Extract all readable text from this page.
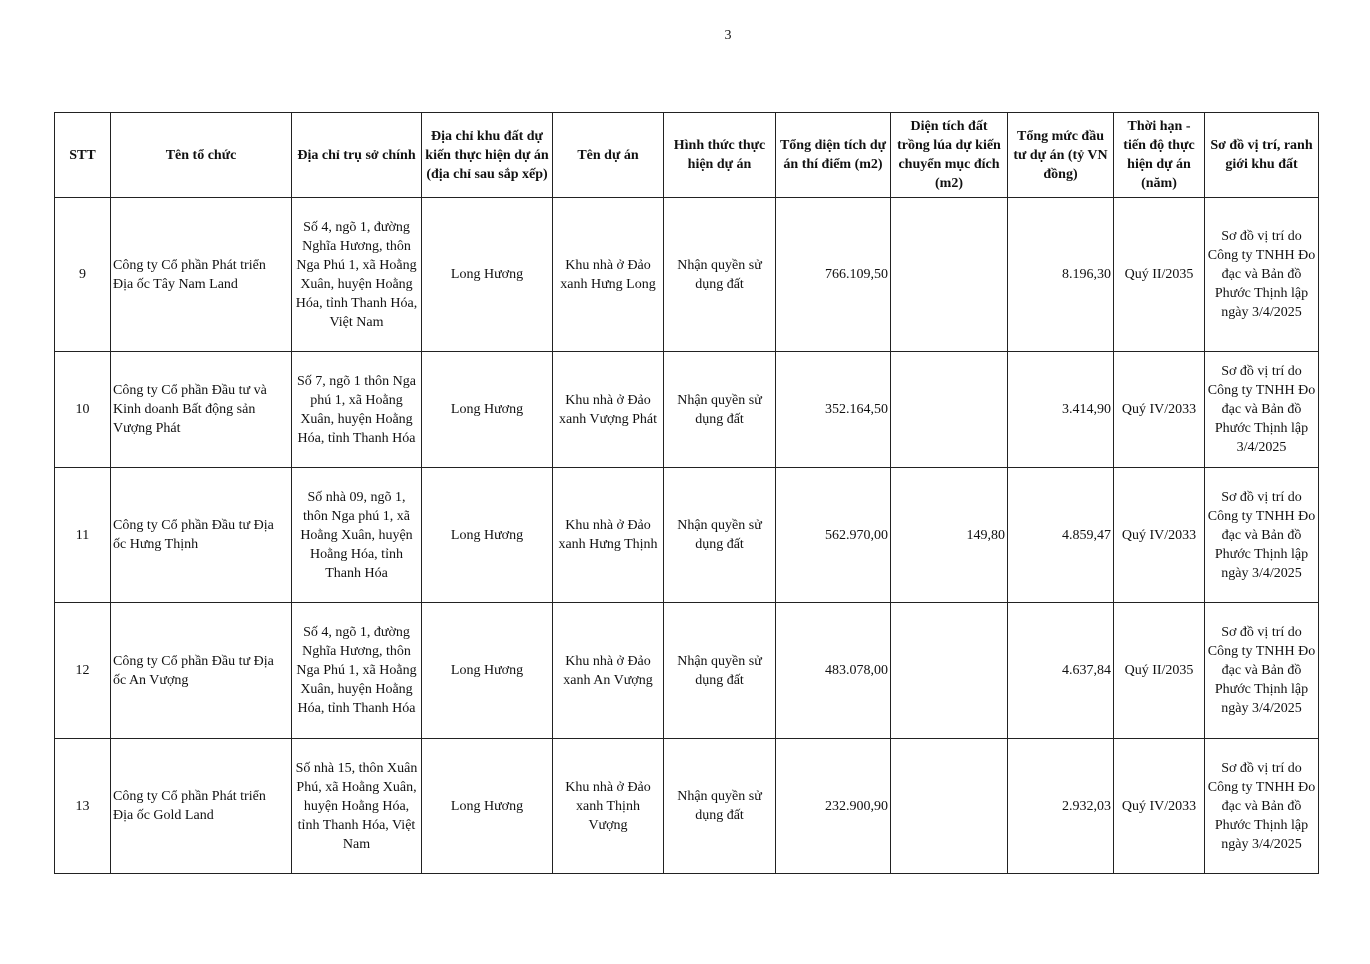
3
STT	Tên tổ chức	Địa chỉ trụ sở chính	Địa chỉ khu đất dự kiến thực hiện dự án (địa chỉ sau sắp xếp)	Tên dự án	Hình thức thực hiện dự án	Tổng diện tích dự án thí điểm (m2)	Diện tích đất trồng lúa dự kiến chuyển mục đích (m2)	Tổng mức đầu tư dự án (tỷ VN đồng)	Thời hạn - tiến độ thực hiện dự án (năm)	Sơ đồ vị trí, ranh giới khu đất
9	Công ty Cổ phần Phát triển Địa ốc Tây Nam Land	Số 4, ngõ 1, đường Nghĩa Hương, thôn Nga Phú 1, xã Hoằng Xuân, huyện Hoằng Hóa, tỉnh Thanh Hóa, Việt Nam	Long Hương	Khu nhà ở Đảo xanh Hưng Long	Nhận quyền sử dụng đất	766.109,50		8.196,30	Quý II/2035	Sơ đồ vị trí do Công ty TNHH Đo đạc và Bản đồ Phước Thịnh lập ngày 3/4/2025
10	Công ty Cổ phần Đầu tư và Kinh doanh Bất động sản Vượng Phát	Số 7, ngõ 1 thôn Nga phú 1, xã Hoằng Xuân, huyện Hoằng Hóa, tỉnh Thanh Hóa	Long Hương	Khu nhà ở Đảo xanh Vượng Phát	Nhận quyền sử dụng đất	352.164,50		3.414,90	Quý IV/2033	Sơ đồ vị trí do Công ty TNHH Đo đạc và Bản đồ Phước Thịnh lập 3/4/2025
11	Công ty Cổ phần Đầu tư Địa ốc Hưng Thịnh	Số nhà 09, ngõ 1, thôn Nga phú 1, xã Hoằng Xuân, huyện Hoằng Hóa, tỉnh Thanh Hóa	Long Hương	Khu nhà ở Đảo xanh Hưng Thịnh	Nhận quyền sử dụng đất	562.970,00	149,80	4.859,47	Quý IV/2033	Sơ đồ vị trí do Công ty TNHH Đo đạc và Bản đồ Phước Thịnh lập ngày 3/4/2025
12	Công ty Cổ phần Đầu tư Địa ốc An Vượng	Số 4, ngõ 1, đường Nghĩa Hương, thôn Nga Phú 1, xã Hoằng Xuân, huyện Hoằng Hóa, tỉnh Thanh Hóa	Long Hương	Khu nhà ở Đảo xanh An Vượng	Nhận quyền sử dụng đất	483.078,00		4.637,84	Quý II/2035	Sơ đồ vị trí do Công ty TNHH Đo đạc và Bản đồ Phước Thịnh lập ngày 3/4/2025
13	Công ty Cổ phần Phát triển Địa ốc Gold Land	Số nhà 15, thôn Xuân Phú, xã Hoằng Xuân, huyện Hoằng Hóa, tỉnh Thanh Hóa, Việt Nam	Long Hương	Khu nhà ở Đảo xanh Thịnh Vượng	Nhận quyền sử dụng đất	232.900,90		2.932,03	Quý IV/2033	Sơ đồ vị trí do Công ty TNHH Đo đạc và Bản đồ Phước Thịnh lập ngày 3/4/2025
